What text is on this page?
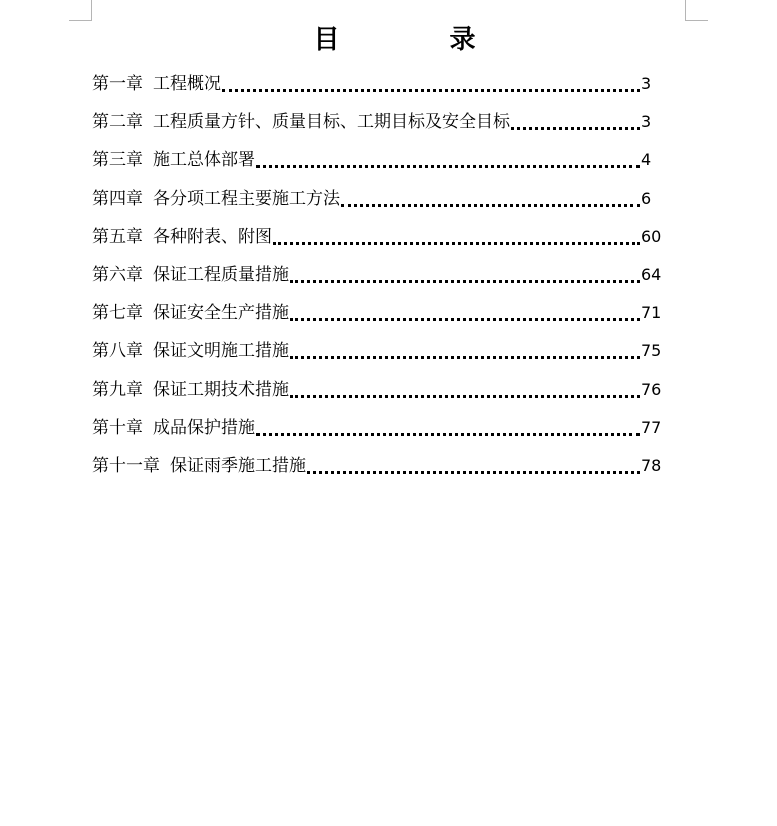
目	录
第一章 工程概况	3
第二章 工程质量方针、质量目标、工期目标及安全目标	3
第三章 施工总体部署	4
第四章 各分项工程主要施工方法	6
第五章 各种附表、附图	60
第六章 保证工程质量措施	64
第七章 保证安全生产措施	71
第八章 保证文明施工措施	75
第九章 保证工期技术措施	76
第十章 成品保护措施	77
第十一章 保证雨季施工措施	78
